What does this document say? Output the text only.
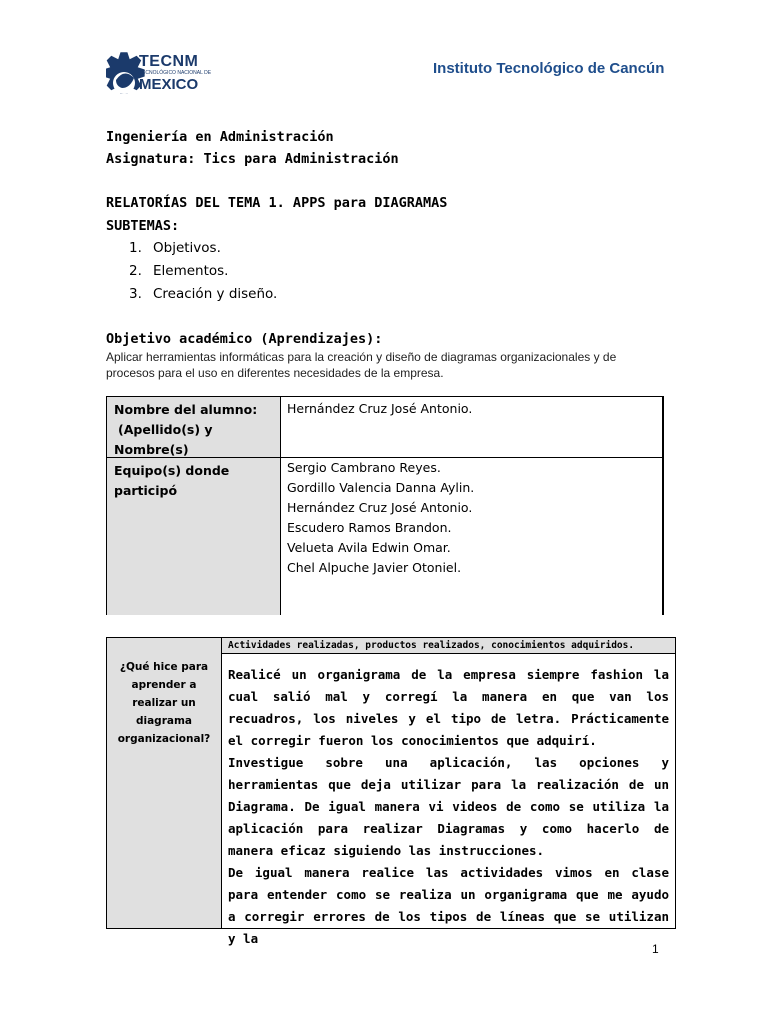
TECNM
TECNOLÓGICO NACIONAL DE
MEXICO
Instituto Tecnológico de Cancún
Ingeniería en Administración
Asignatura: Tics para Administración
RELATORÍAS DEL TEMA 1. APPS para DIAGRAMAS
SUBTEMAS:
1. Objetivos.
2. Elementos.
3. Creación y diseño.
Objetivo académico (Aprendizajes):
Aplicar herramientas informáticas para la creación y diseño de diagramas organizacionales y de
procesos para el uso en diferentes necesidades de la empresa.
Nombre del alumno:
(Apellido(s) y
Nombre(s)
Hernández Cruz José Antonio.
Equipo(s) donde
participó
Sergio Cambrano Reyes.
Gordillo Valencia Danna Aylin.
Hernández Cruz José Antonio.
Escudero Ramos Brandon.
Velueta Avila Edwin Omar.
Chel Alpuche Javier Otoniel.
¿Qué hice para
aprender a
realizar un
diagrama
organizacional?
Actividades realizadas, productos realizados, conocimientos adquiridos.

Realicé un organigrama de la empresa siempre fashion la cual salió mal y corregí la manera en que van los recuadros, los niveles y el tipo de letra. Prácticamente el corregir fueron los conocimientos que adquirí.

Investigue sobre una aplicación, las opciones y herramientas que deja utilizar para la realización de un Diagrama. De igual manera vi videos de como se utiliza la aplicación para realizar Diagramas y como hacerlo de manera eficaz siguiendo las instrucciones.

De igual manera realice las actividades vimos en clase para entender como se realiza un organigrama que me ayudo a corregir errores de los tipos de líneas que se utilizan y la

1
